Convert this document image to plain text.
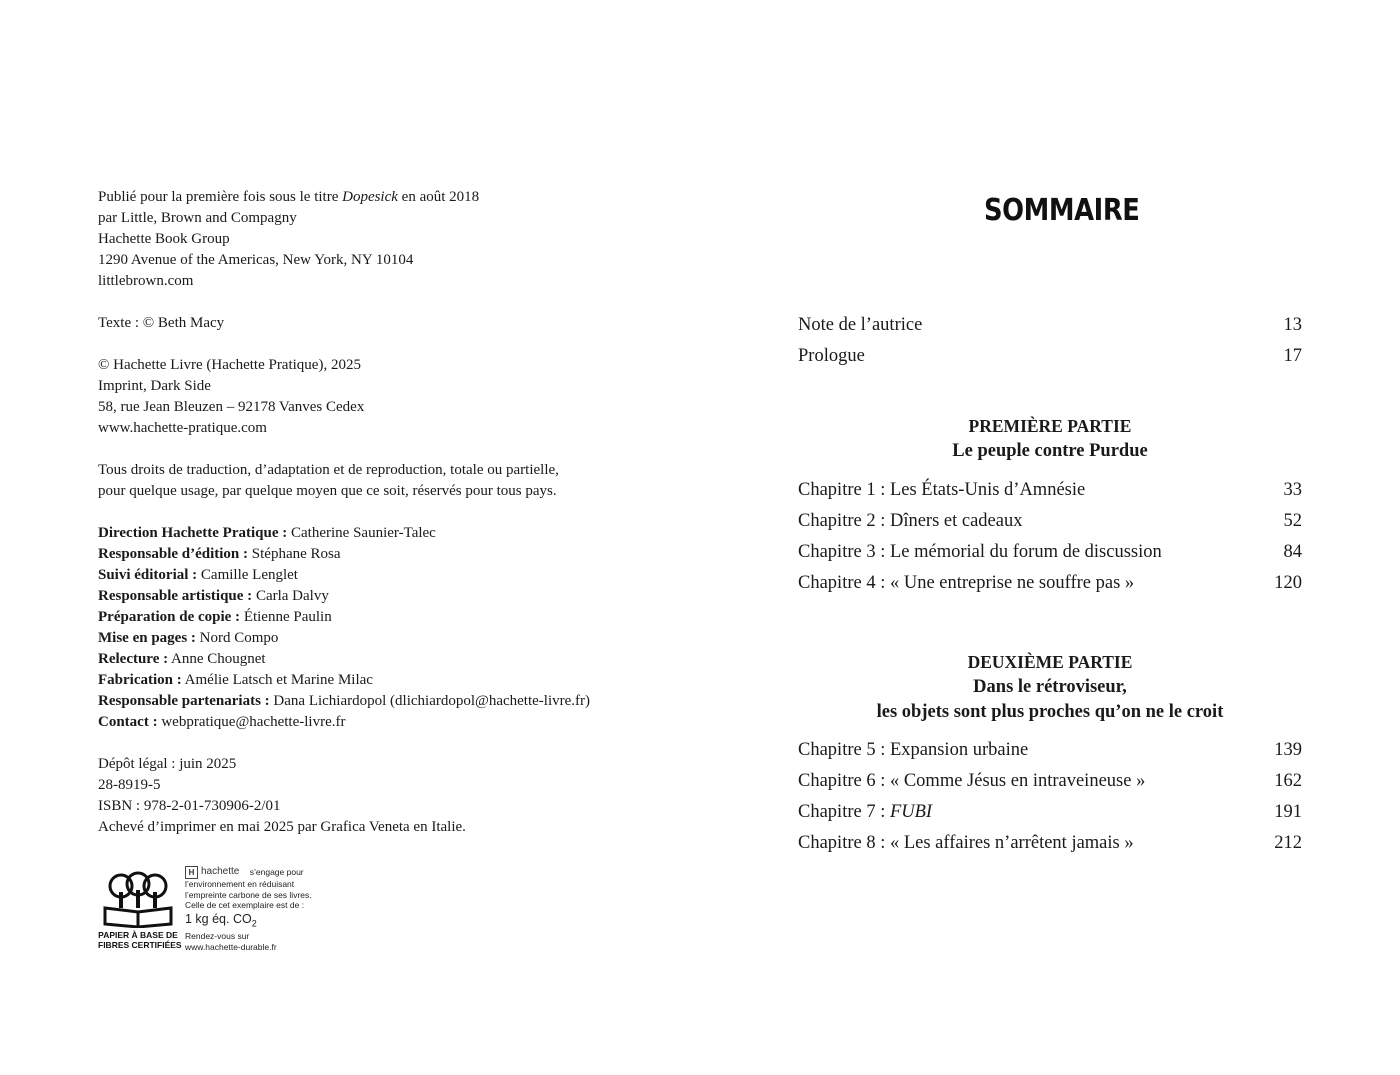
Publié pour la première fois sous le titre Dopesick en août 2018
par Little, Brown and Compagny
Hachette Book Group
1290 Avenue of the Americas, New York, NY 10104
littlebrown.com
Texte : © Beth Macy
© Hachette Livre (Hachette Pratique), 2025
Imprint, Dark Side
58, rue Jean Bleuzen – 92178 Vanves Cedex
www.hachette-pratique.com
Tous droits de traduction, d’adaptation et de reproduction, totale ou partielle,
pour quelque usage, par quelque moyen que ce soit, réservés pour tous pays.
Direction Hachette Pratique : Catherine Saunier-Talec
Responsable d’édition : Stéphane Rosa
Suivi éditorial : Camille Lenglet
Responsable artistique : Carla Dalvy
Préparation de copie : Étienne Paulin
Mise en pages : Nord Compo
Relecture : Anne Chougnet
Fabrication : Amélie Latsch et Marine Milac
Responsable partenariats : Dana Lichiardopol (dlichiardopol@hachette-livre.fr)
Contact : webpratique@hachette-livre.fr
Dépôt légal : juin 2025
28-8919-5
ISBN : 978-2-01-730906-2/01
Achevé d’imprimer en mai 2025 par Grafica Veneta en Italie.
PAPIER À BASE DE
FIBRES CERTIFIÉES
H hachette s’engage pour
l’environnement en réduisant
l’empreinte carbone de ses livres.
Celle de cet exemplaire est de :
1 kg éq. $CO_2$
Rendez-vous sur
www.hachette-durable.fr
SOMMAIRE
Note de l’autrice	13
Prologue	17
PREMIÈRE PARTIE
Le peuple contre Purdue
Chapitre 1 : Les États-Unis d’Amnésie	33
Chapitre 2 : Dîners et cadeaux	52
Chapitre 3 : Le mémorial du forum de discussion	84
Chapitre 4 : « Une entreprise ne souffre pas »	120
DEUXIÈME PARTIE
Dans le rétroviseur,
les objets sont plus proches qu’on ne le croit
Chapitre 5 : Expansion urbaine	139
Chapitre 6 : « Comme Jésus en intraveineuse »	162
Chapitre 7 : FUBI	191
Chapitre 8 : « Les affaires n’arrêtent jamais »	212
